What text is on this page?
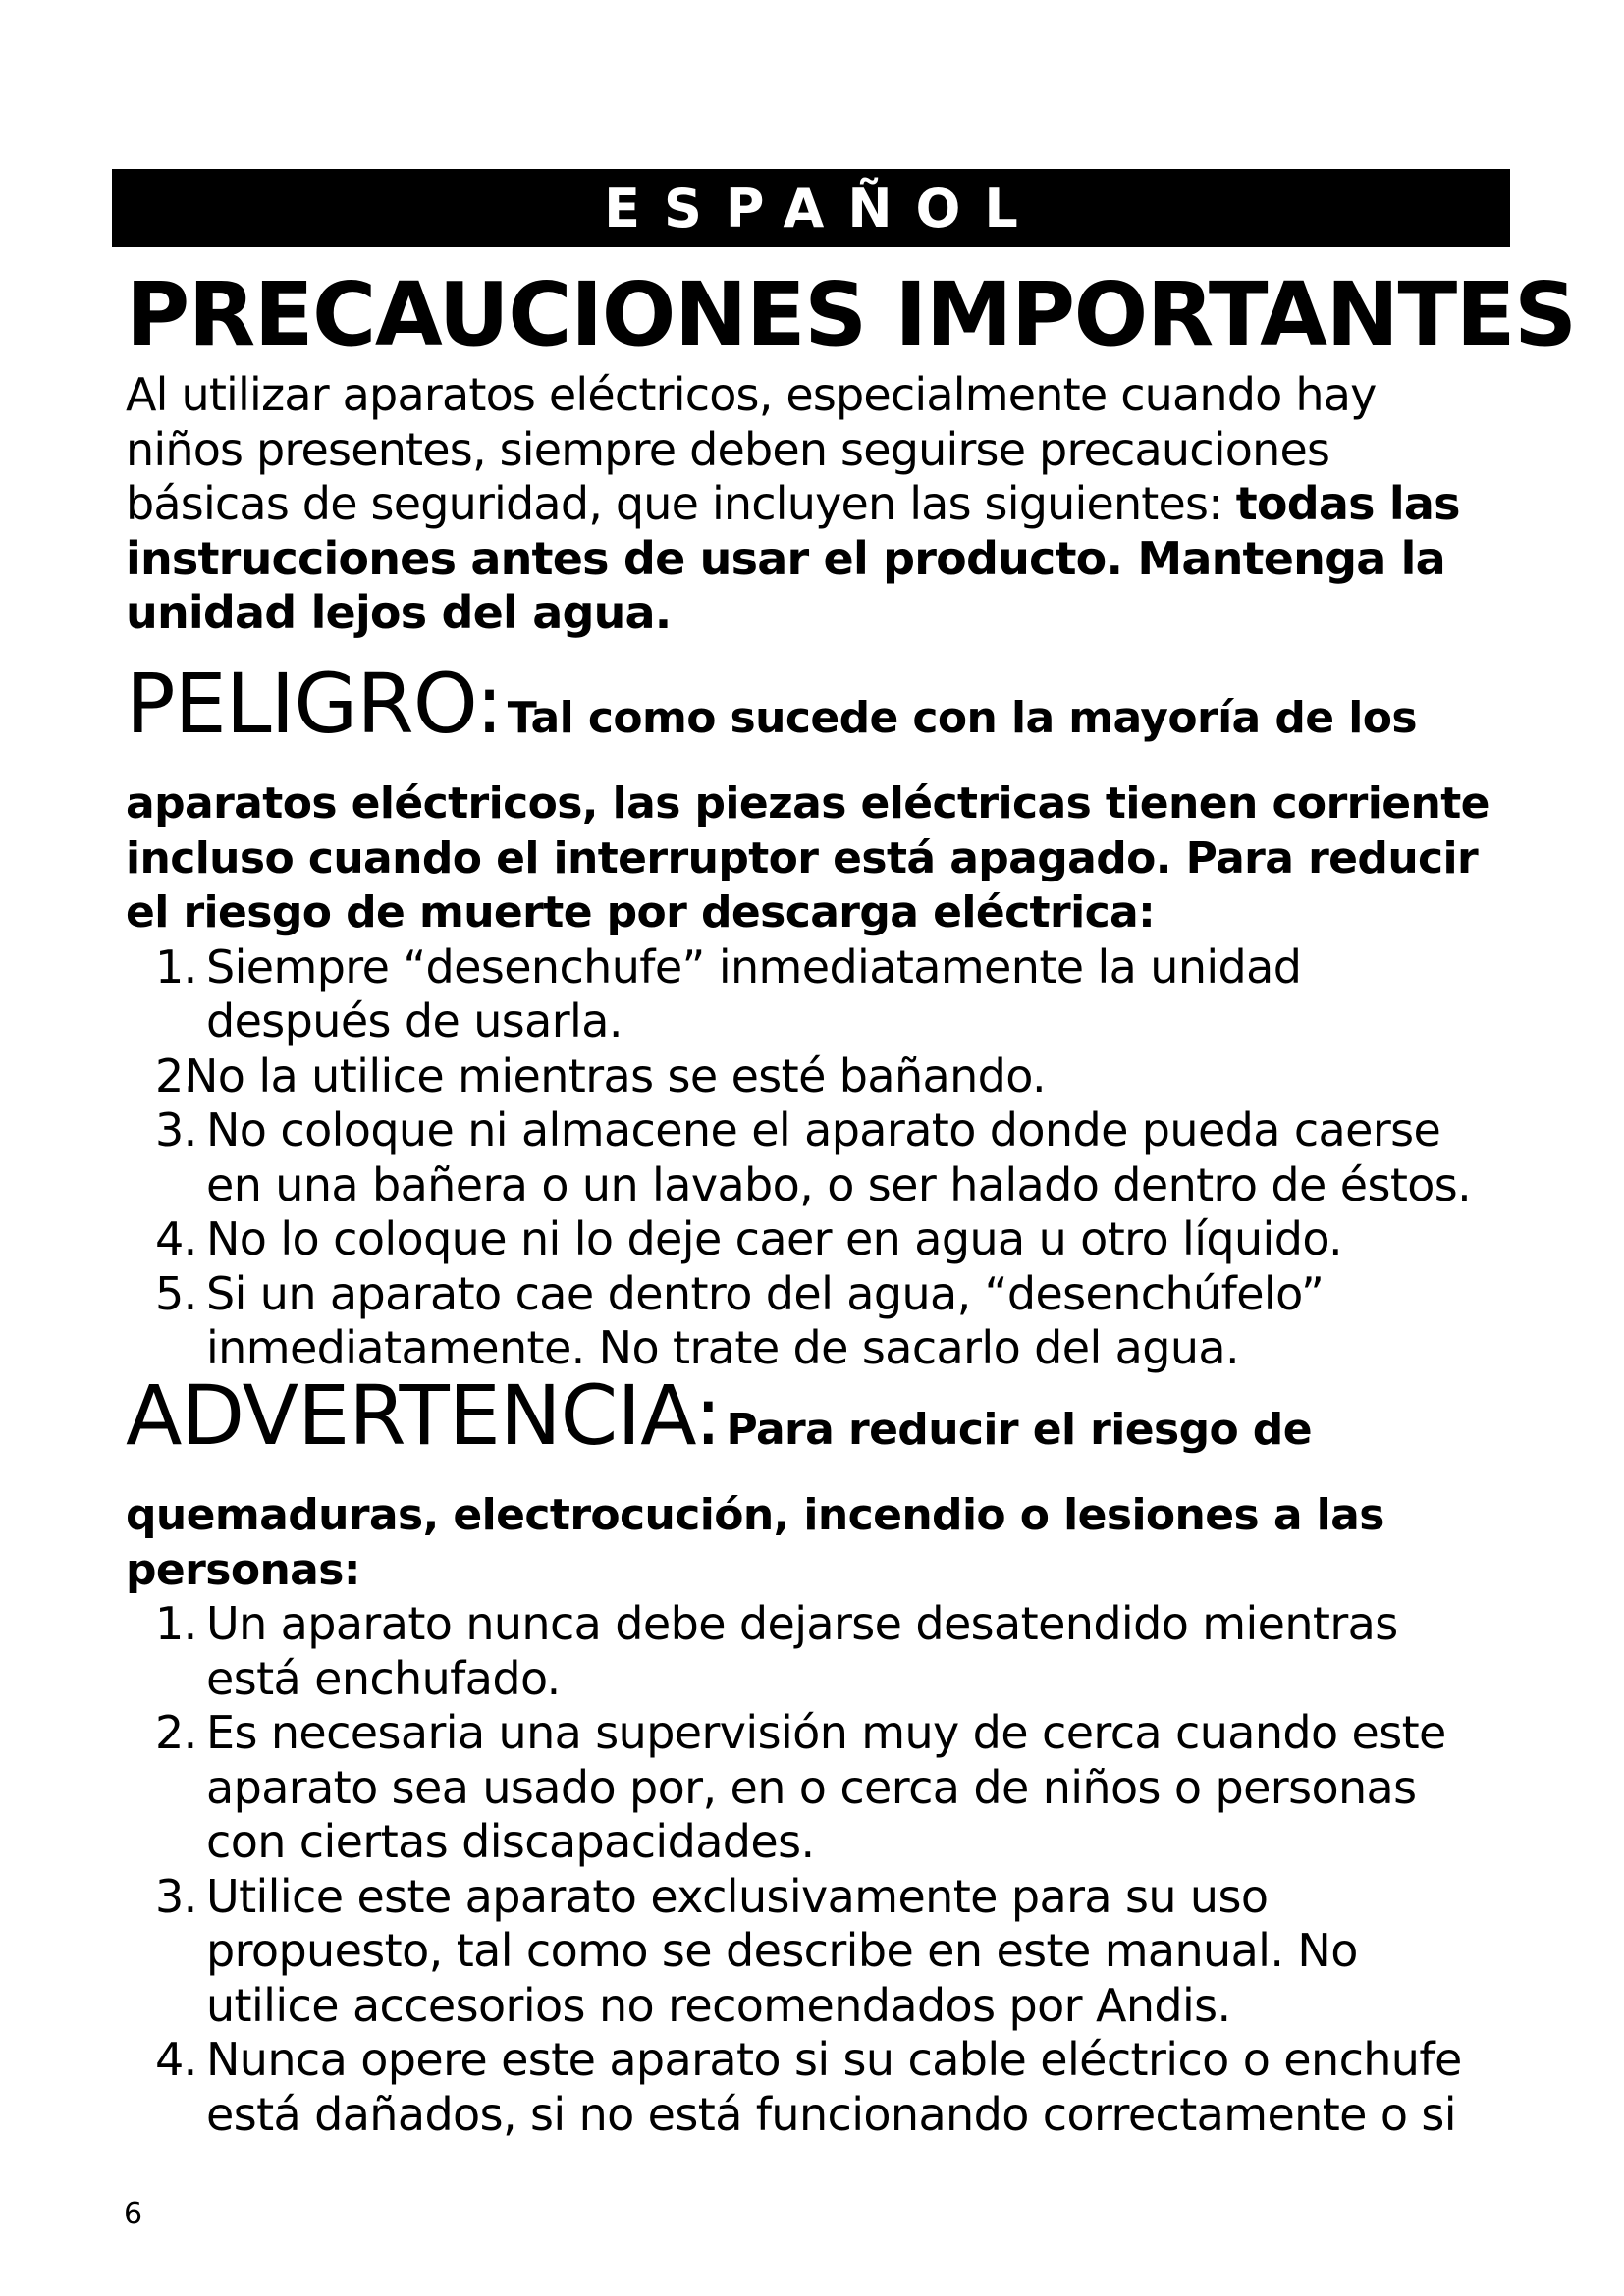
ESPAÑOL
PRECAUCIONES IMPORTANTES
Al utilizar aparatos eléctricos, especialmente cuando hay
niños presentes, siempre deben seguirse precauciones
básicas de seguridad, que incluyen las siguientes: todas las
instrucciones antes de usar el producto. Mantenga la
unidad lejos del agua.
PELIGRO: Tal como sucede con la mayoría de los
aparatos eléctricos, las piezas eléctricas tienen corriente
incluso cuando el interruptor está apagado. Para reducir
el riesgo de muerte por descarga eléctrica:
1. Siempre “desenchufe” inmediatamente la unidad
después de usarla.
2.
No la utilice mientras se esté bañando.
3. No coloque ni almacene el aparato donde pueda caerse
en una bañera o un lavabo, o ser halado dentro de éstos.
4. No lo coloque ni lo deje caer en agua u otro líquido.
5. Si un aparato cae dentro del agua, “desenchúfelo”
inmediatamente. No trate de sacarlo del agua.
ADVERTENCIA: Para reducir el riesgo de
quemaduras, electrocución, incendio o lesiones a las
personas:
1. Un aparato nunca debe dejarse desatendido mientras
está enchufado.
2. Es necesaria una supervisión muy de cerca cuando este
aparato sea usado por, en o cerca de niños o personas
con ciertas discapacidades.
3. Utilice este aparato exclusivamente para su uso
propuesto, tal como se describe en este manual. No
utilice accesorios no recomendados por Andis.
4. Nunca opere este aparato si su cable eléctrico o enchufe
está dañados, si no está funcionando correctamente o si
6
